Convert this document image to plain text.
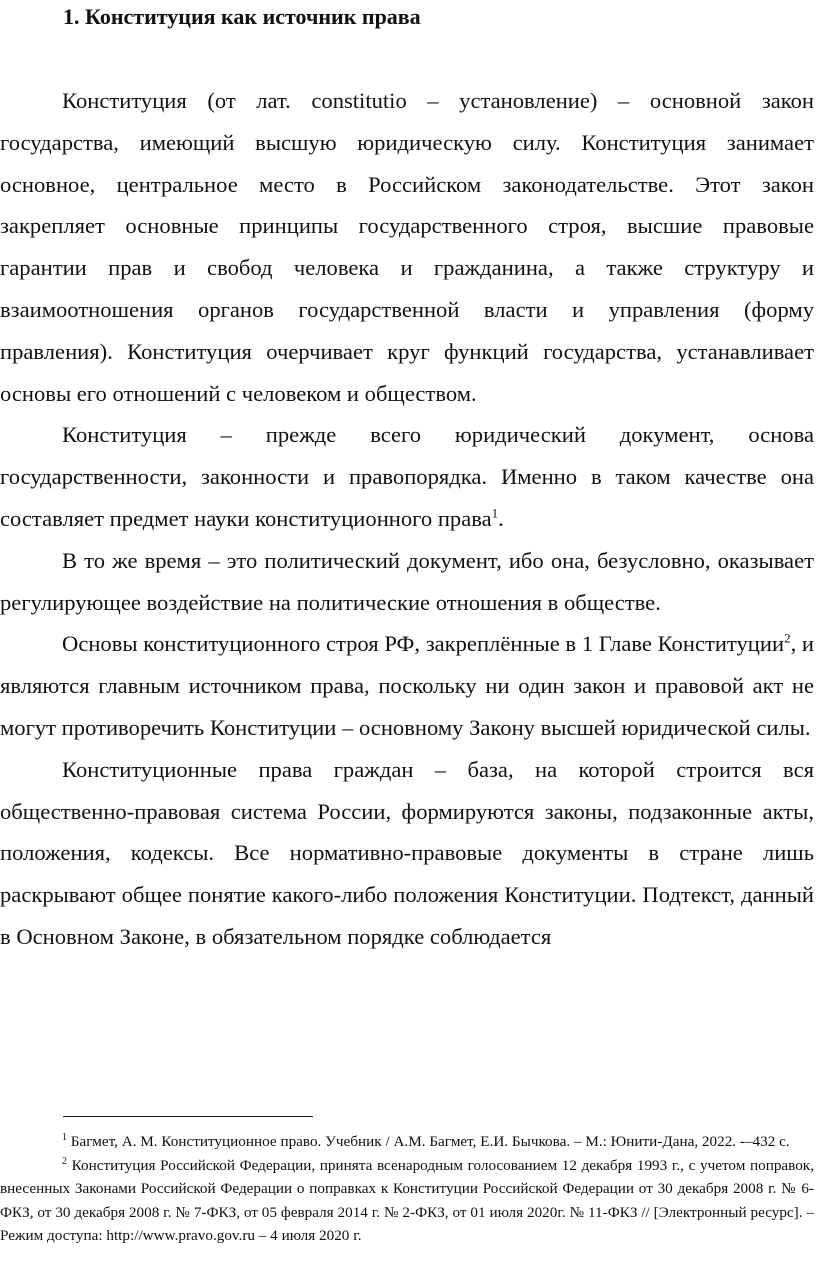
1. Конституция как источник права

Конституция (от лат. constitutio – установление) – основной закон государства, имеющий высшую юридическую силу. Конституция занимает основное, центральное место в Российском законодательстве. Этот закон закрепляет основные принципы государственного строя, высшие правовые гарантии прав и свобод человека и гражданина, а также структуру и взаимоотношения органов государственной власти и управления (форму правления). Конституция очерчивает круг функций государства, устанавливает основы его отношений с человеком и обществом.

Конституция – прежде всего юридический документ, основа государственности, законности и правопорядка. Именно в таком качестве она составляет предмет науки конституционного права$^1$.

В то же время – это политический документ, ибо она, безусловно, оказывает регулирующее воздействие на политические отношения в обществе.

Основы конституционного строя РФ, закреплённые в 1 Главе Конституции$^2$, и являются главным источником права, поскольку ни один закон и правовой акт не могут противоречить Конституции – основному Закону высшей юридической силы.

Конституционные права граждан – база, на которой строится вся общественно-правовая система России, формируются законы, подзаконные акты, положения, кодексы. Все нормативно-правовые документы в стране лишь раскрывают общее понятие какого-либо положения Конституции. Подтекст, данный в Основном Законе, в обязательном порядке соблюдается

$^1$ Багмет, А. М. Конституционное право. Учебник / А.М. Багмет, Е.И. Бычкова. – М.: Юнити-Дана, 2022. -–432 с.

$^2$ Конституция Российской Федерации, принята всенародным голосованием 12 декабря 1993 г., с учетом поправок, внесенных Законами Российской Федерации о поправках к Конституции Российской Федерации от 30 декабря 2008 г. № 6-ФКЗ, от 30 декабря 2008 г. № 7-ФКЗ, от 05 февраля 2014 г. № 2-ФКЗ, от 01 июля 2020г. № 11-ФКЗ // [Электронный ресурс]. – Режим доступа: http://www.pravo.gov.ru – 4 июля 2020 г.
